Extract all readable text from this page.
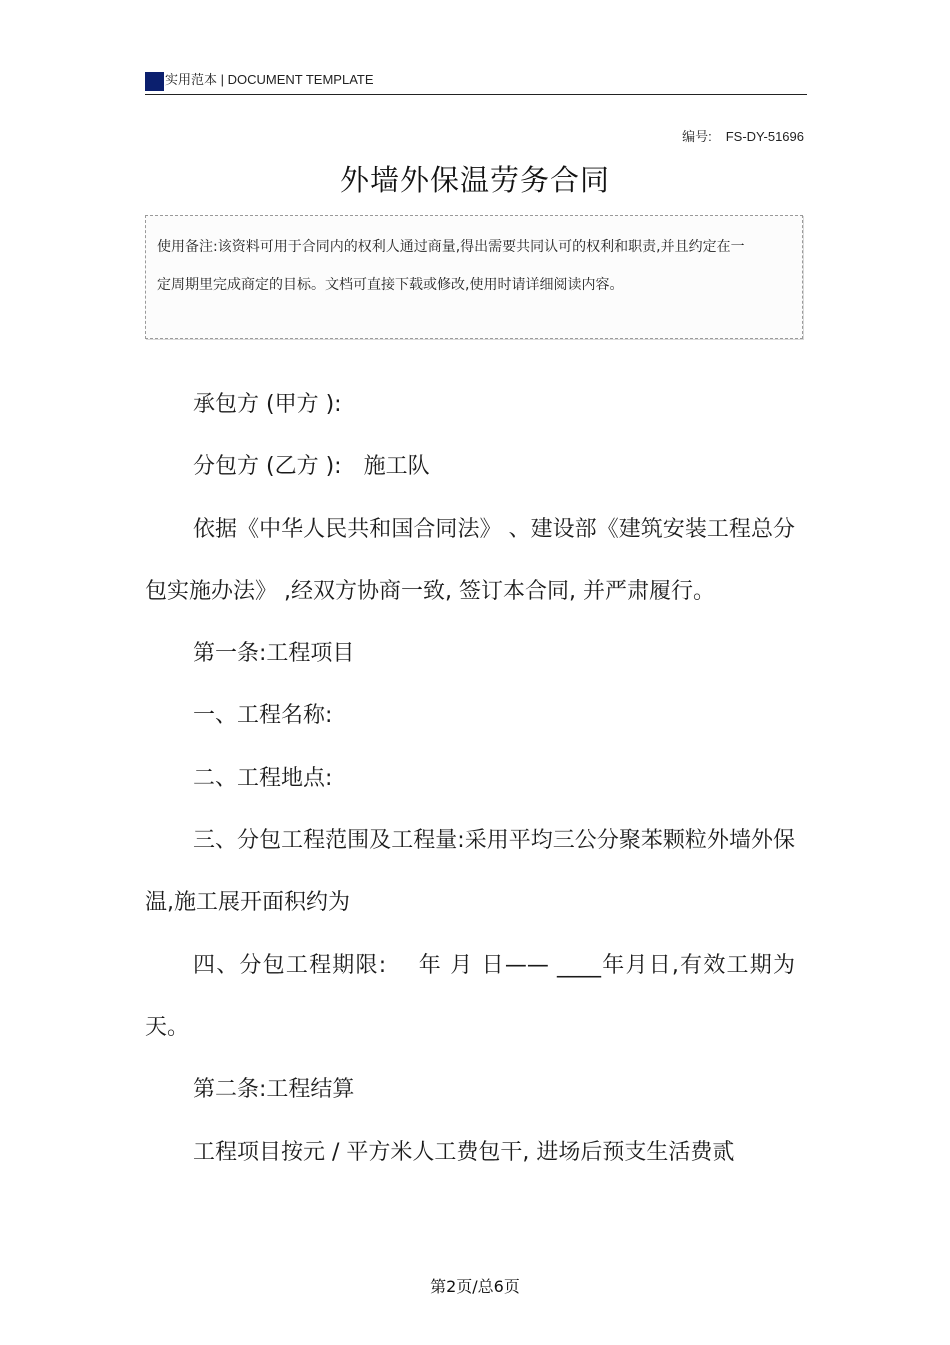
实用范本 | DOCUMENT TEMPLATE
编号: FS-DY-51696
外墙外保温劳务合同
使用备注:该资料可用于合同内的权利人通过商量,得出需要共同认可的权利和职责,并且约定在一定周期里完成商定的目标。文档可直接下载或修改,使用时请详细阅读内容。

承包方 (甲方 ):

分包方 (乙方 ):　施工队

依据《中华人民共和国合同法》 、建设部《建筑安装工程总分包实施办法》 ,经双方协商一致, 签订本合同, 并严肃履行。

第一条:工程项目

一、工程名称:

二、工程地点:

三、分包工程范围及工程量:采用平均三公分聚苯颗粒外墙外保温,施工展开面积约为

四、分包工程期限:　 年 月 日—— ____年月日,有效工期为天。

第二条:工程结算

工程项目按元 / 平方米人工费包干, 进场后预支生活费贰

第2页/总6页
